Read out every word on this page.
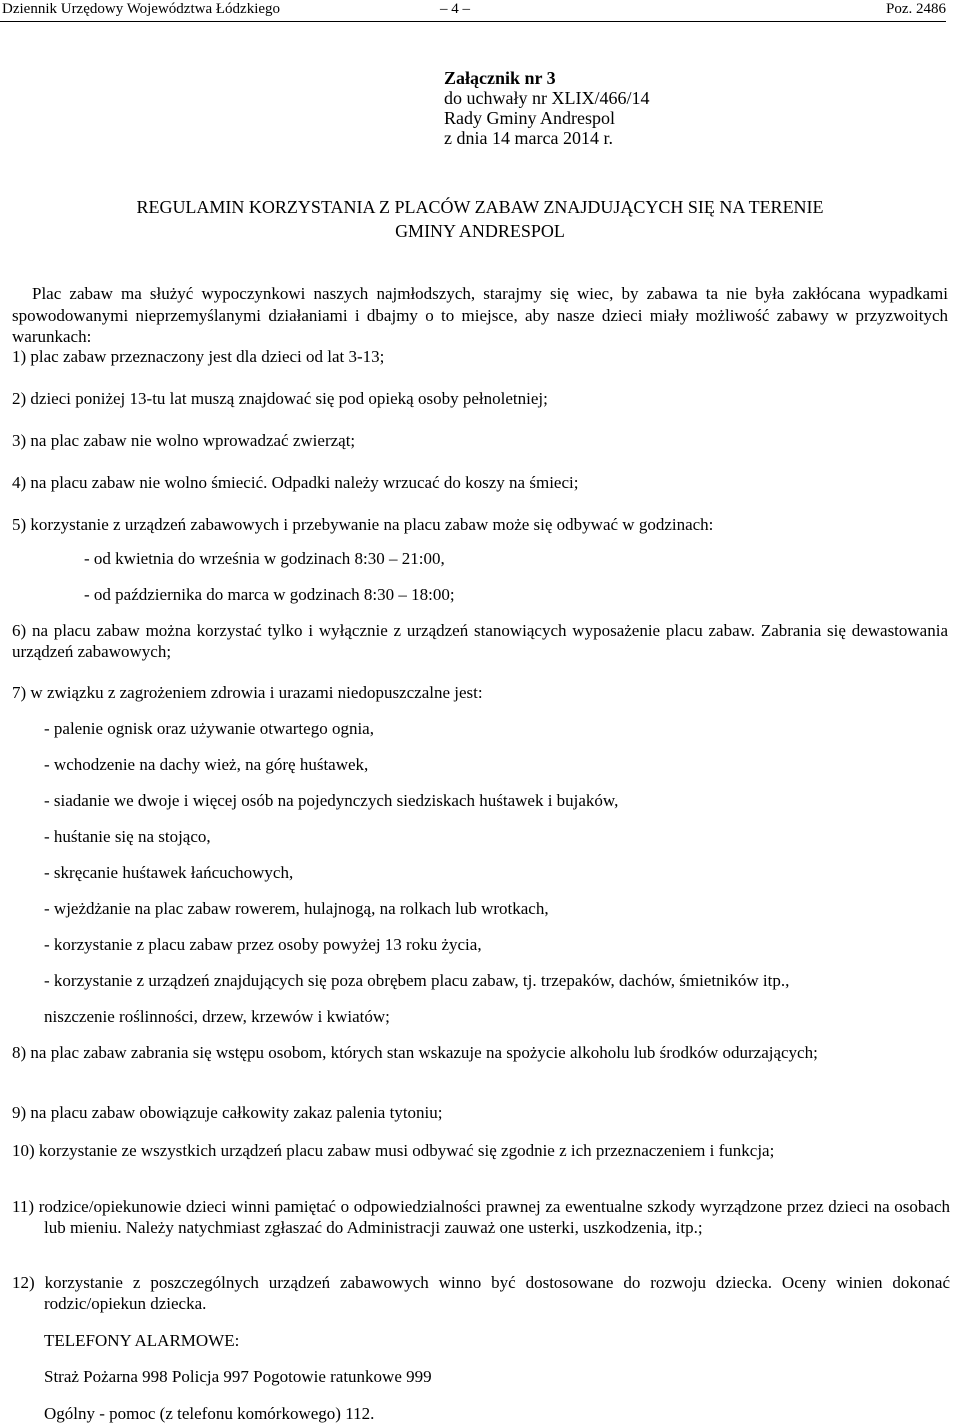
Dziennik Urzędowy Województwa Łódzkiego	– 4 –	Poz. 2486
Załącznik nr 3
do uchwały nr XLIX/466/14
Rady Gminy Andrespol
z dnia 14 marca 2014 r.
REGULAMIN KORZYSTANIA Z PLACÓW ZABAW ZNAJDUJĄCYCH SIĘ NA TERENIE
GMINY ANDRESPOL
Plac zabaw ma służyć wypoczynkowi naszych najmłodszych, starajmy się wiec, by zabawa ta nie była zakłócana wypadkami spowodowanymi nieprzemyślanymi działaniami i dbajmy o to miejsce, aby nasze dzieci miały możliwość zabawy w przyzwoitych warunkach:
1) plac zabaw przeznaczony jest dla dzieci od lat 3-13;
2) dzieci poniżej 13-tu lat muszą znajdować się pod opieką osoby pełnoletniej;
3) na plac zabaw nie wolno wprowadzać zwierząt;
4) na placu zabaw nie wolno śmiecić. Odpadki należy wrzucać do koszy na śmieci;
5) korzystanie z urządzeń zabawowych i przebywanie na placu zabaw może się odbywać w godzinach:
- od kwietnia do września w godzinach 8:30 – 21:00,
- od października do marca w godzinach 8:30 – 18:00;
6) na placu zabaw można korzystać tylko i wyłącznie z urządzeń stanowiących wyposażenie placu zabaw. Zabrania się dewastowania urządzeń zabawowych;
7) w związku z zagrożeniem zdrowia i urazami niedopuszczalne jest:
- palenie ognisk oraz używanie otwartego ognia,
- wchodzenie na dachy wież, na górę huśtawek,
- siadanie we dwoje i więcej osób na pojedynczych siedziskach huśtawek i bujaków,
- huśtanie się na stojąco,
- skręcanie huśtawek łańcuchowych,
- wjeżdżanie na plac zabaw rowerem, hulajnogą, na rolkach lub wrotkach,
- korzystanie z placu zabaw przez osoby powyżej 13 roku życia,
- korzystanie z urządzeń znajdujących się poza obrębem placu zabaw, tj. trzepaków, dachów, śmietników itp.,
niszczenie roślinności, drzew, krzewów i kwiatów;
8) na plac zabaw zabrania się wstępu osobom, których stan wskazuje na spożycie alkoholu lub środków odurzających;
9) na placu zabaw obowiązuje całkowity zakaz palenia tytoniu;
10) korzystanie ze wszystkich urządzeń placu zabaw musi odbywać się zgodnie z ich przeznaczeniem i funkcja;
11) rodzice/opiekunowie dzieci winni pamiętać o odpowiedzialności prawnej za ewentualne szkody wyrządzone przez dzieci na osobach lub mieniu. Należy natychmiast zgłaszać do Administracji zauważ one usterki, uszkodzenia, itp.;
12) korzystanie z poszczególnych urządzeń zabawowych winno być dostosowane do rozwoju dziecka. Oceny winien dokonać rodzic/opiekun dziecka.
TELEFONY ALARMOWE:
Straż Pożarna 998 Policja 997 Pogotowie ratunkowe 999
Ogólny - pomoc (z telefonu komórkowego) 112.
